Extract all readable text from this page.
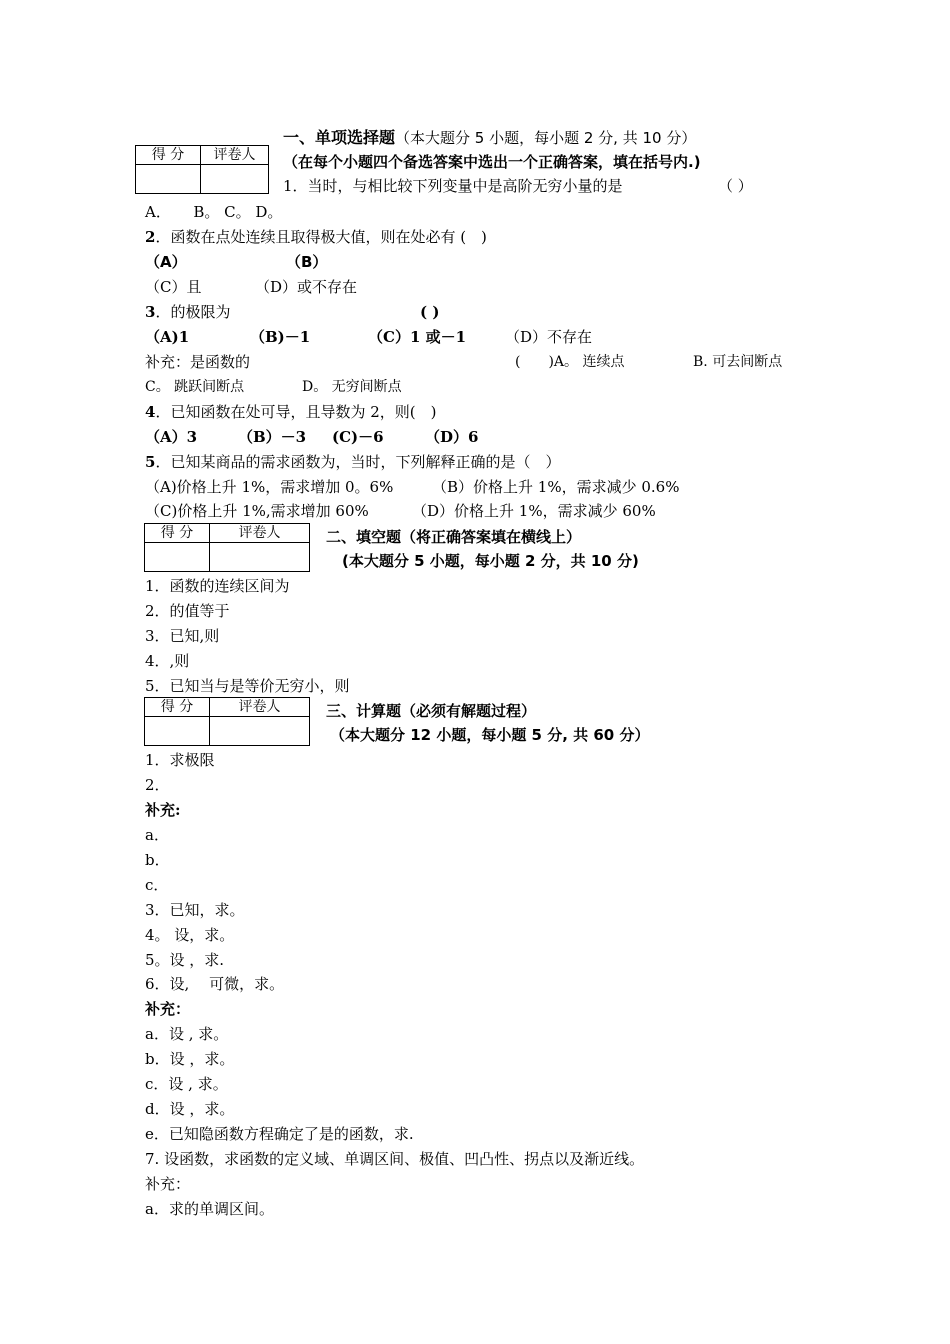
得 分	评卷人

一、单项选择题（本大题分 5 小题，每小题 2 分, 共 10 分）
（在每个小题四个备选答案中选出一个正确答案，填在括号内.)
1．当时，与相比较下列变量中是高阶无穷小量的是	（ ）
A．　　B。 C。 D。
2．函数在点处连续且取得极大值，则在处必有 (　)
（A）	（B）
（C）且	（D）或不存在
3．的极限为	( )
（A)1	（B)－1	（C）1 或－1	（D）不存在
补充：是函数的	(　　)A。 连续点	B. 可去间断点
C。 跳跃间断点	D。 无穷间断点
4．已知函数在处可导，且导数为 2，则(　)
（A）3	（B）－3 (C)－6	（D）6
5．已知某商品的需求函数为，当时，下列解释正确的是（　）
（A)价格上升 1%，需求增加 0。6%	（B）价格上升 1%，需求减少 0.6%
（C)价格上升 1%,需求增加 60%	（D）价格上升 1%，需求减少 60%
得 分	评卷人
		二、填空题（将正确答案填在横线上）
(本大题分 5 小题，每小题 2 分，共 10 分)
1．函数的连续区间为
2．的值等于
3．已知,则
4．,则
5．已知当与是等价无穷小，则
得 分	评卷人
		三、计算题（必须有解题过程）
（本大题分 12 小题，每小题 5 分, 共 60 分）
1．求极限
2．
补充:
a．
b．
c．
3．已知，求。
4。 设，求。
5。设 ，求.
6．设,　 可微，求。
补充：
a．设 , 求。
b．设 ，求。
c．设 , 求。
d．设 ，求。
e．已知隐函数方程确定了是的函数，求.
7. 设函数，求函数的定义域、单调区间、极值、凹凸性、拐点以及渐近线。
补充：
a．求的单调区间。
